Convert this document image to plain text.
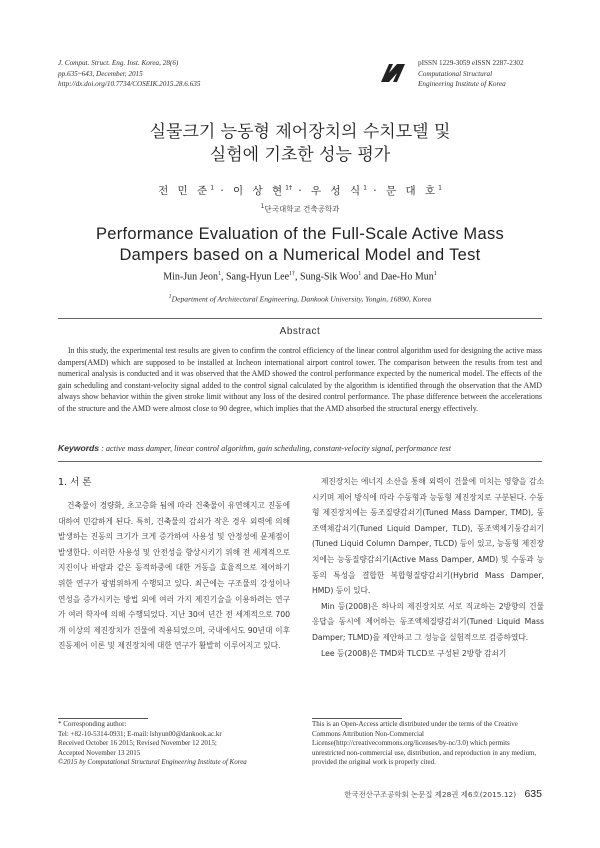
J. Comput. Struct. Eng. Inst. Korea, 28(6)
pp.635~643, December, 2015
http://dx.doi.org/10.7734/COSEIK.2015.28.6.635
pISSN 1229-3059 eISSN 2287-2302
Computational Structural
Engineering Institute of Korea
실물크기 능동형 제어장치의 수치모델 및
실험에 기초한 성능 평가
전 민 준$^1$ · 이 상 현$^{1\dagger}$ · 우 성 식$^1$ · 문 대 호$^1$
$^1$단국대학교 건축공학과
Performance Evaluation of the Full-Scale Active Mass
Dampers based on a Numerical Model and Test
Min-Jun Jeon$^1$, Sang-Hyun Lee$^{1\dagger}$, Sung-Sik Woo$^1$ and Dae-Ho Mun$^1$
$^1$Department of Architectural Engineering, Dankook University, Yongin, 16890, Korea
Abstract
In this study, the experimental test results are given to confirm the control efficiency of the linear control algorithm used for designing the active mass dampers(AMD) which are supposed to be installed at Incheon international airport control tower. The comparison between the results from test and numerical analysis is conducted and it was observed that the AMD showed the control performance expected by the numerical model. The effects of the gain scheduling and constant-velocity signal added to the control signal calculated by the algorithm is identified through the observation that the AMD always show behavior within the given stroke limit without any loss of the desired control performance. The phase difference between the accelerations of the structure and the AMD were almost close to 90 degree, which implies that the AMD absorbed the structural energy effectively.
Keywords : active mass damper, linear control algorithm, gain scheduling, constant-velocity signal, performance test
1. 서 론

건축물이 경량화, 초고층화 됨에 따라 건축물이 유연해지고 진동에 대하여 민감하게 된다. 특히, 건축물의 감쇠가 작은 경우 외력에 의해 발생하는 진동의 크기가 크게 증가하여 사용성 및 안정성에 문제점이 발생한다. 이러한 사용성 및 안전성을 향상시키기 위해 전 세계적으로 지진이나 바람과 같은 동적하중에 대한 거동을 효율적으로 제어하기 위한 연구가 광범위하게 수행되고 있다. 최근에는 구조물의 강성이나 연성을 증가시키는 방법 외에 여러 가지 제진기술을 이용하려는 연구가 여러 학자에 의해 수행되었다. 지난 30여 년간 전 세계적으로 700개 이상의 제진장치가 건물에 적용되었으며, 국내에서도 90년대 이후 진동제어 이론 및 제진장치에 대한 연구가 활발히 이루어지고 있다.

제진장치는 에너지 소산을 통해 외력이 건물에 미치는 영향을 감소시키며 제어 방식에 따라 수동형과 능동형 제진장치로 구분된다. 수동형 제진장치에는 동조질량감쇠기(Tuned Mass Damper, TMD), 동조액체감쇠기(Tuned Liquid Damper, TLD), 동조액체기둥감쇠기(Tuned Liquid Column Damper, TLCD) 등이 있고, 능동형 제진장치에는 능동질량감쇠기(Active Mass Damper, AMD) 및 수동과 능동의 특성을 결합한 복합형질량감쇠기(Hybrid Mass Damper, HMD) 등이 있다.

Min 등(2008)은 하나의 제진장치로 서로 직교하는 2방향의 건물응답을 동시에 제어하는 동조액체질량감쇠기(Tuned Liquid Mass Damper; TLMD)를 제안하고 그 성능을 실험적으로 검증하였다.

Lee 등(2008)은 TMD와 TLCD로 구성된 2방향 감쇠기

* Corresponding author:
Tel: +82-10-5314-0931; E-mail: lshyun00@dankook.ac.kr
Received October 16 2015; Revised November 12 2015;
Accepted November 13 2015
©2015 by Computational Structural Engineering Institute of Korea
This is an Open-Access article distributed under the terms of the Creative Commons Attribution Non-Commercial License(http://creativecommons.org/licenses/by-nc/3.0) which permits unrestricted non-commercial use, distribution, and reproduction in any medium, provided the original work is properly cited.
한국전산구조공학회 논문집 제28권 제6호(2015.12) 635
